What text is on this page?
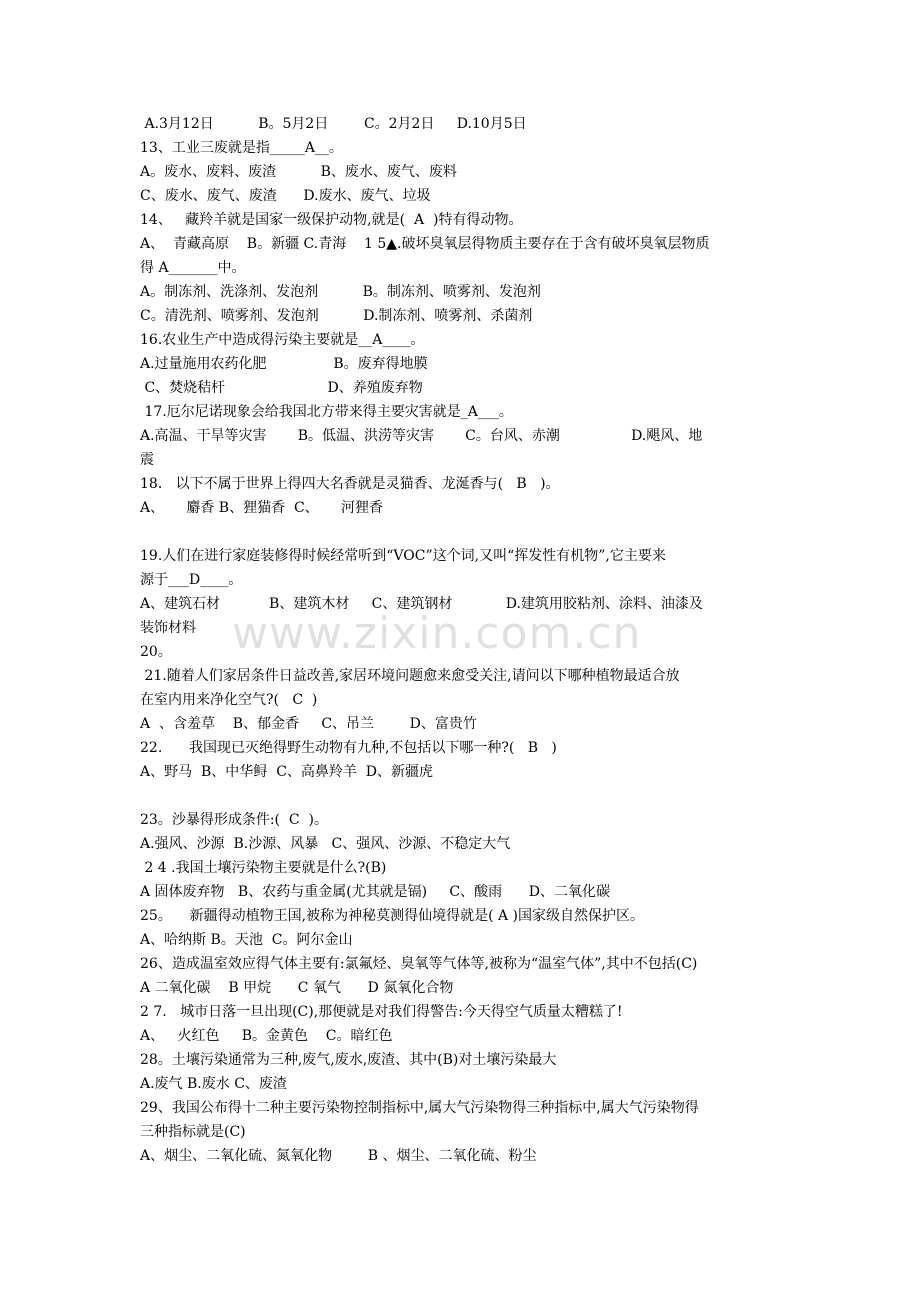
www.zixin.com.cn
A.3月12日          B。5月2日        C。2月2日     D.10月5日
13、工业三废就是指_____A__。
A。废水、废料、废渣          B、废水、废气、废料
C、废水、废气、废渣      D.废水、废气、垃圾
14、   藏羚羊就是国家一级保护动物,就是(  A  )特有得动物。
A、  青藏高原    B。新疆 C.青海    1 5▲.破坏臭氧层得物质主要存在于含有破坏臭氧层物质
得 A_______中。
A。制冻剂、洗涤剂、发泡剂          B。制冻剂、喷雾剂、发泡剂
C。清洗剂、喷雾剂、发泡剂          D.制冻剂、喷雾剂、杀菌剂
16.农业生产中造成得污染主要就是__A____。
A.过量施用农药化肥               B。废弃得地膜
C、焚烧秸杆                       D、养殖废弃物
17.厄尔尼诺现象会给我国北方带来得主要灾害就是_A___。
A.高温、干旱等灾害       B。低温、洪涝等灾害       C。台风、赤潮                D.飓风、地
震
18.   以下不属于世界上得四大名香就是灵猫香、龙涎香与(   B   )。
A、     麝香 B、狸猫香  C、     河狸香
19.人们在进行家庭装修得时候经常听到“VOC”这个词,又叫“挥发性有机物”,它主要来
源于___D____。
A、建筑石材           B、建筑木材     C、建筑钢材            D.建筑用胶粘剂、涂料、油漆及
装饰材料
20。
21.随着人们家居条件日益改善,家居环境问题愈来愈受关注,请问以下哪种植物最适合放
在室内用来净化空气?(   C  )
A  、含羞草    B、郁金香     C、吊兰        D、富贵竹
22.      我国现已灭绝得野生动物有九种,不包括以下哪一种?(   B   )
A、野马  B、中华鲟  C、高鼻羚羊  D、新疆虎
23。沙暴得形成条件:(  C  )。
A.强风、沙源  B.沙源、风暴   C、强风、沙源、不稳定大气
2 4 .我国土壤污染物主要就是什么?(B)
A 固体废弃物   B、农药与重金属(尤其就是镉)     C、酸雨      D、二氧化碳
25。    新疆得动植物王国,被称为神秘莫测得仙境得就是( A )国家级自然保护区。
A、哈纳斯 B。天池  C。阿尔金山
26、造成温室效应得气体主要有:氯氟烃、臭氧等气体等,被称为“温室气体”,其中不包括(C)
A 二氧化碳    B 甲烷      C 氧气      D 氮氧化合物
2 7.   城市日落一旦出现(C),那便就是对我们得警告:今天得空气质量太糟糕了!
A、   火红色     B。金黄色    C。暗红色
28。土壤污染通常为三种,废气,废水,废渣、其中(B)对土壤污染最大
A.废气 B.废水 C、废渣
29、我国公布得十二种主要污染物控制指标中,属大气污染物得三种指标中,属大气污染物得
三种指标就是(C)
A、烟尘、二氧化硫、氮氧化物        B 、烟尘、二氧化硫、粉尘
